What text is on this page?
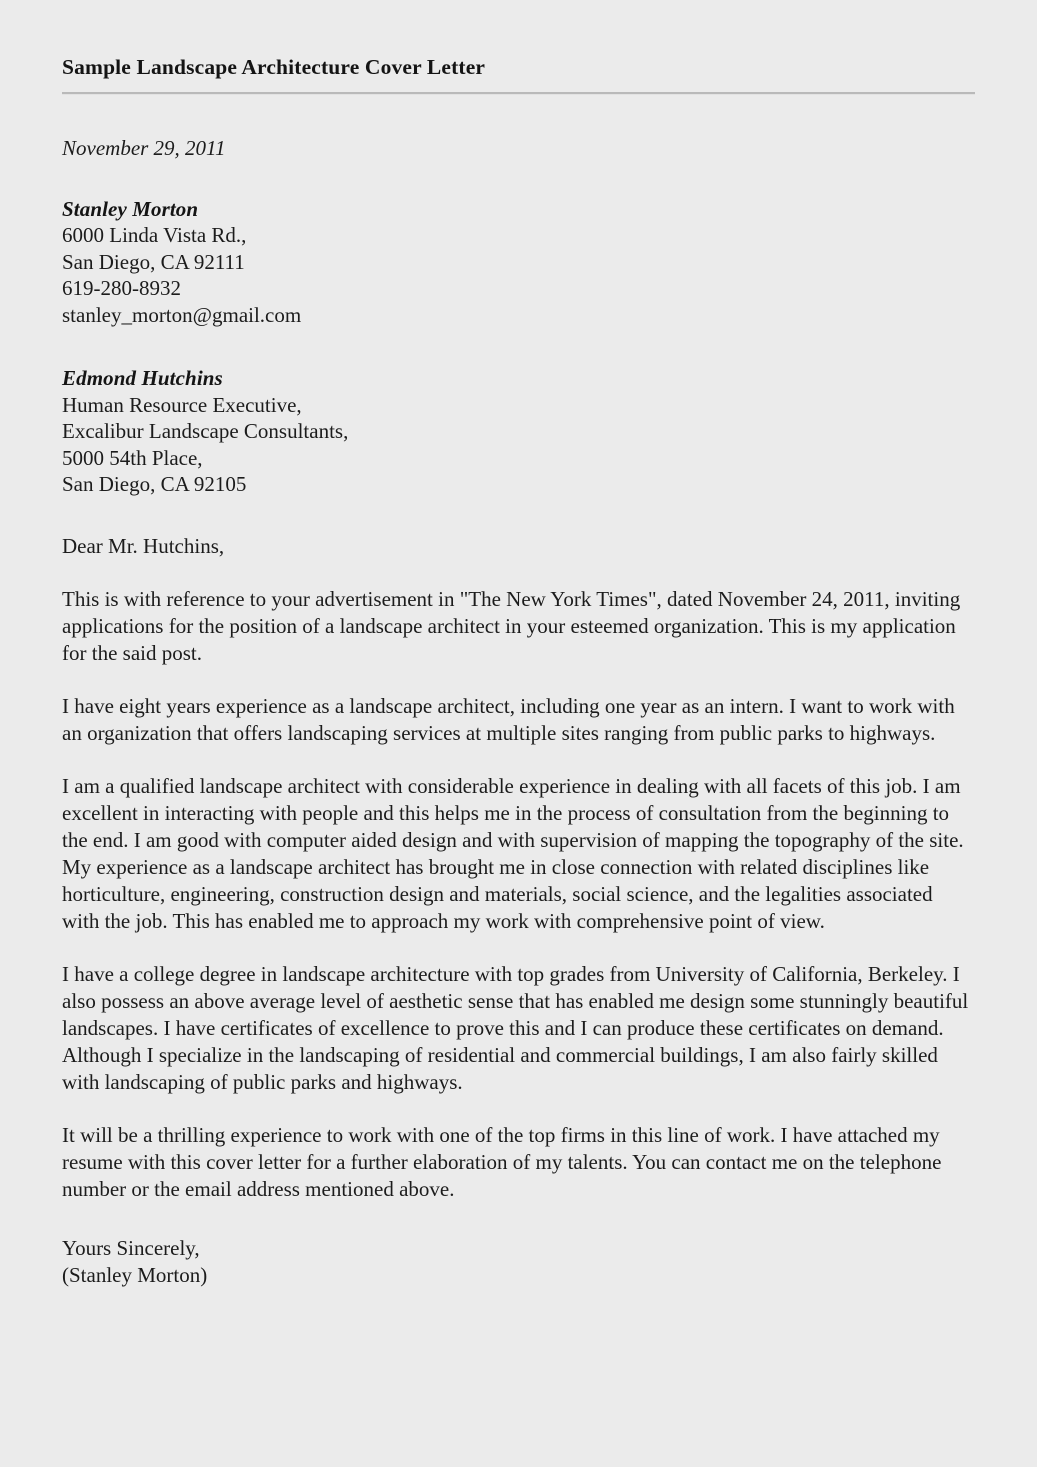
Sample Landscape Architecture Cover Letter
November 29, 2011
Stanley Morton
6000 Linda Vista Rd.,
San Diego, CA 92111
619-280-8932
stanley_morton@gmail.com
Edmond Hutchins
Human Resource Executive,
Excalibur Landscape Consultants,
5000 54th Place,
San Diego, CA 92105
Dear Mr. Hutchins,

This is with reference to your advertisement in "The New York Times", dated November 24, 2011, inviting applications for the position of a landscape architect in your esteemed organization. This is my application for the said post.

I have eight years experience as a landscape architect, including one year as an intern. I want to work with an organization that offers landscaping services at multiple sites ranging from public parks to highways.

I am a qualified landscape architect with considerable experience in dealing with all facets of this job. I am excellent in interacting with people and this helps me in the process of consultation from the beginning to the end. I am good with computer aided design and with supervision of mapping the topography of the site. My experience as a landscape architect has brought me in close connection with related disciplines like horticulture, engineering, construction design and materials, social science, and the legalities associated with the job. This has enabled me to approach my work with comprehensive point of view.

I have a college degree in landscape architecture with top grades from University of California, Berkeley. I also possess an above average level of aesthetic sense that has enabled me design some stunningly beautiful landscapes. I have certificates of excellence to prove this and I can produce these certificates on demand. Although I specialize in the landscaping of residential and commercial buildings, I am also fairly skilled with landscaping of public parks and highways.

It will be a thrilling experience to work with one of the top firms in this line of work. I have attached my resume with this cover letter for a further elaboration of my talents. You can contact me on the telephone number or the email address mentioned above.

Yours Sincerely,
(Stanley Morton)
